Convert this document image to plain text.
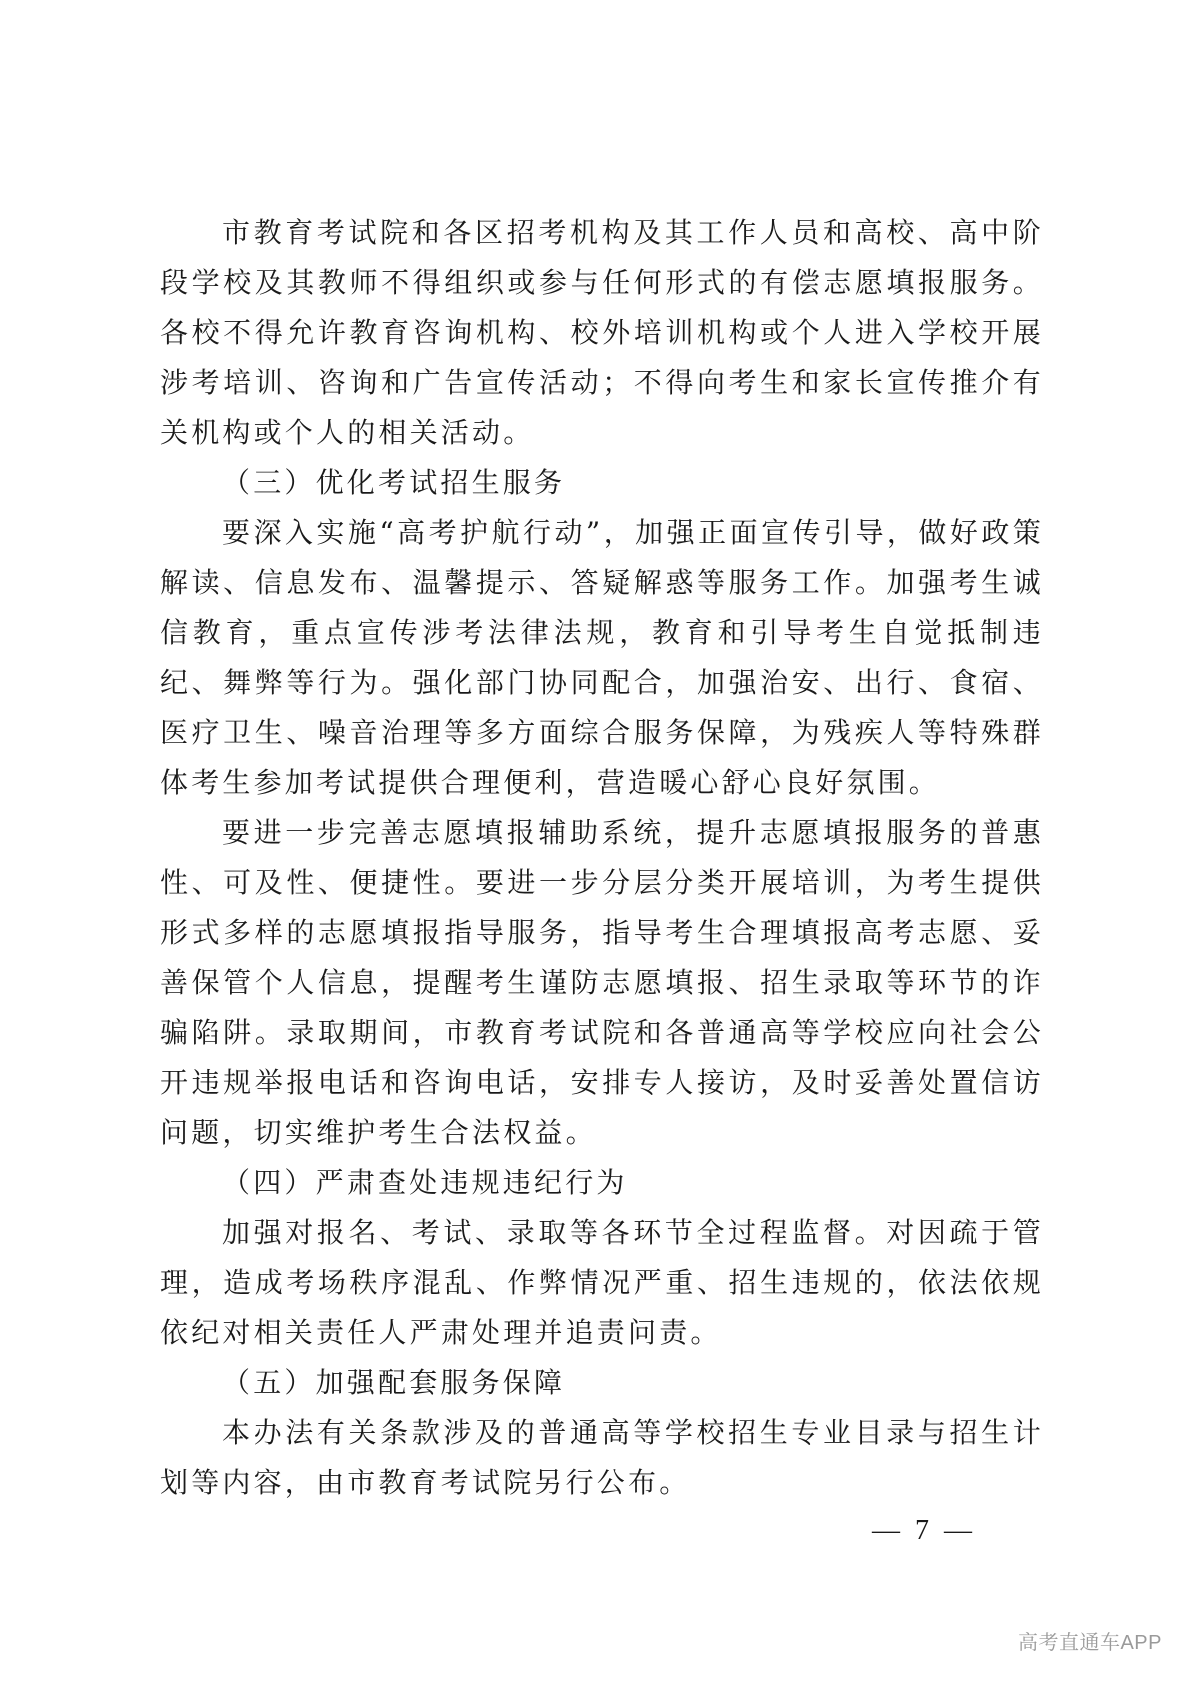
市教育考试院和各区招考机构及其工作人员和高校、高中阶段学校及其教师不得组织或参与任何形式的有偿志愿填报服务。各校不得允许教育咨询机构、校外培训机构或个人进入学校开展涉考培训、咨询和广告宣传活动；不得向考生和家长宣传推介有关机构或个人的相关活动。

（三）优化考试招生服务

要深入实施“高考护航行动”，加强正面宣传引导，做好政策解读、信息发布、温馨提示、答疑解惑等服务工作。加强考生诚信教育，重点宣传涉考法律法规，教育和引导考生自觉抵制违纪、舞弊等行为。强化部门协同配合，加强治安、出行、食宿、医疗卫生、噪音治理等多方面综合服务保障，为残疾人等特殊群体考生参加考试提供合理便利，营造暖心舒心良好氛围。

要进一步完善志愿填报辅助系统，提升志愿填报服务的普惠性、可及性、便捷性。要进一步分层分类开展培训，为考生提供形式多样的志愿填报指导服务，指导考生合理填报高考志愿、妥善保管个人信息，提醒考生谨防志愿填报、招生录取等环节的诈骗陷阱。录取期间，市教育考试院和各普通高等学校应向社会公开违规举报电话和咨询电话，安排专人接访，及时妥善处置信访问题，切实维护考生合法权益。

（四）严肃查处违规违纪行为

加强对报名、考试、录取等各环节全过程监督。对因疏于管理，造成考场秩序混乱、作弊情况严重、招生违规的，依法依规依纪对相关责任人严肃处理并追责问责。

（五）加强配套服务保障

本办法有关条款涉及的普通高等学校招生专业目录与招生计划等内容，由市教育考试院另行公布。

— 7 —
高考直通车APP
